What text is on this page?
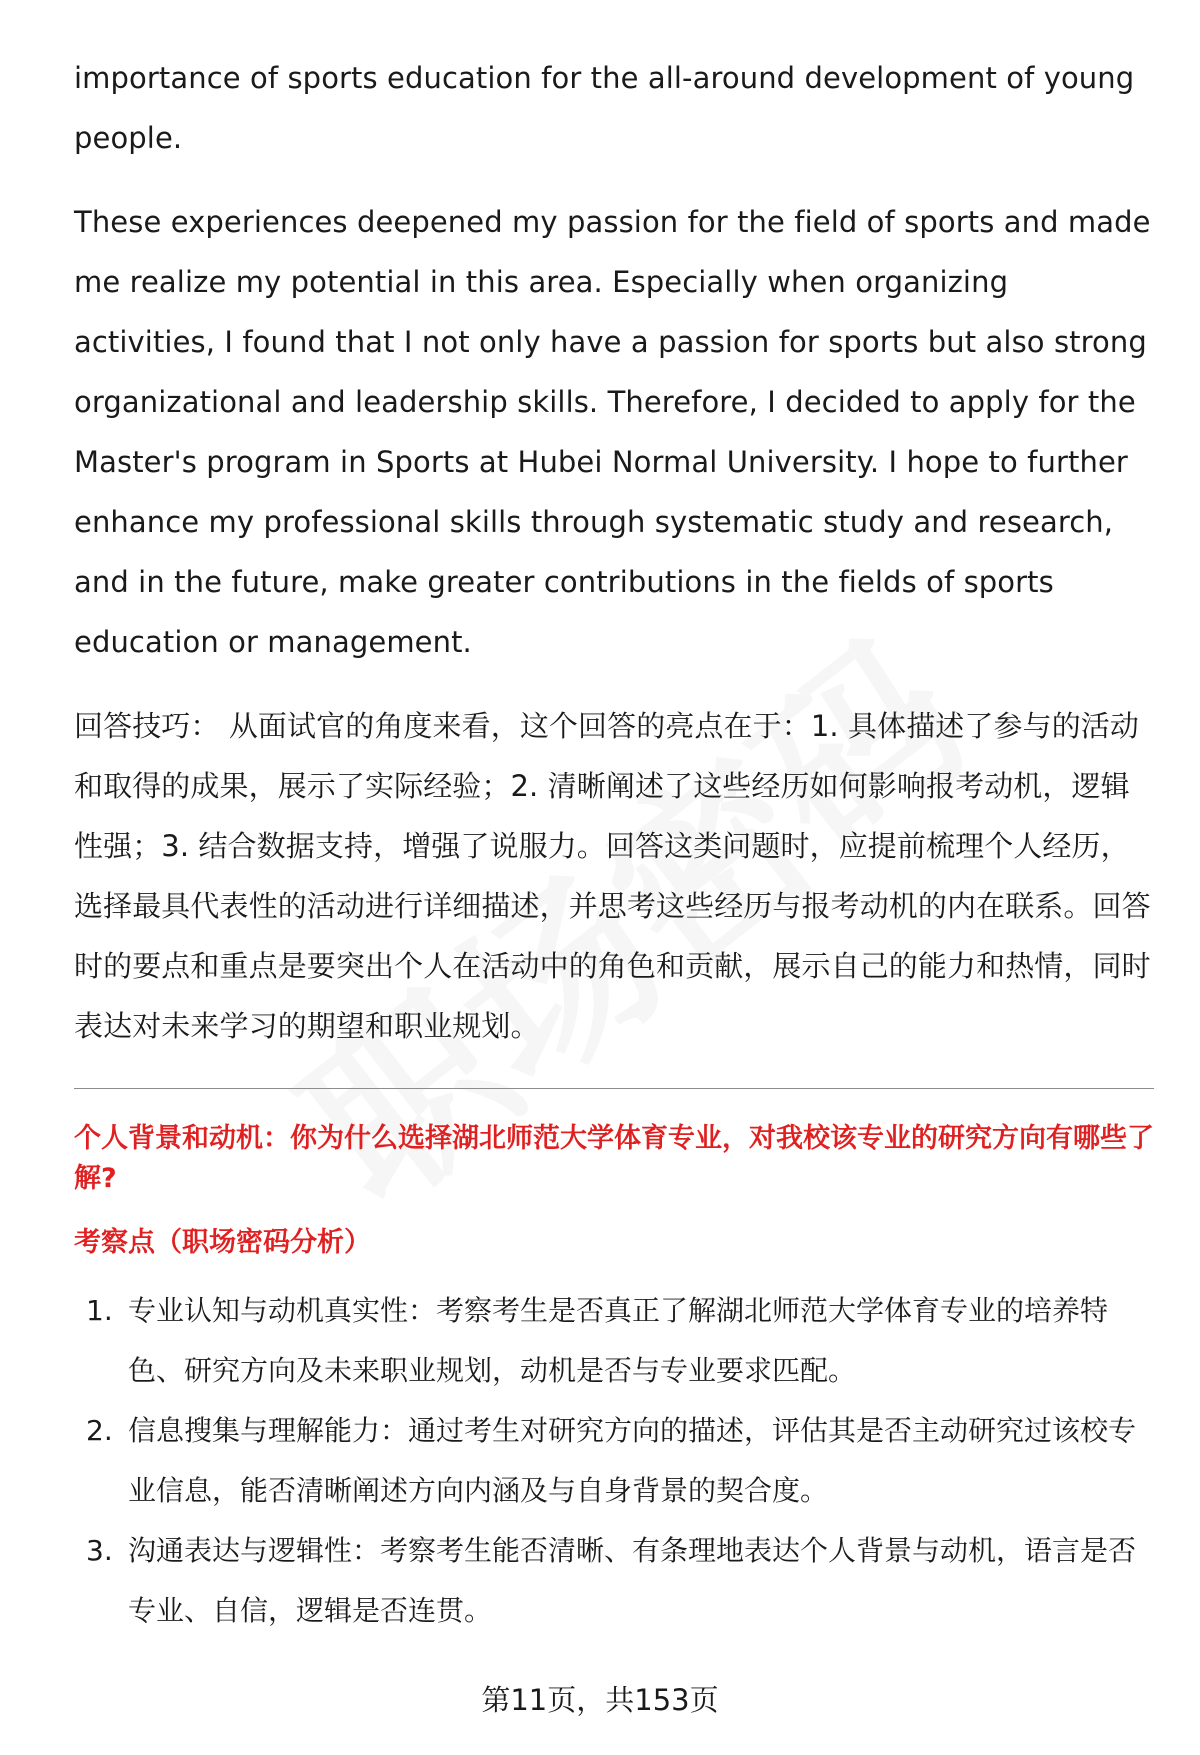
importance of sports education for the all-around development of young people.

These experiences deepened my passion for the field of sports and made me realize my potential in this area. Especially when organizing activities, I found that I not only have a passion for sports but also strong organizational and leadership skills. Therefore, I decided to apply for the Master's program in Sports at Hubei Normal University. I hope to further enhance my professional skills through systematic study and research, and in the future, make greater contributions in the fields of sports education or management.

回答技巧： 从面试官的角度来看，这个回答的亮点在于：1. 具体描述了参与的活动和取得的成果，展示了实际经验；2. 清晰阐述了这些经历如何影响报考动机，逻辑性强；3. 结合数据支持，增强了说服力。回答这类问题时，应提前梳理个人经历，选择最具代表性的活动进行详细描述，并思考这些经历与报考动机的内在联系。回答时的要点和重点是要突出个人在活动中的角色和贡献，展示自己的能力和热情，同时表达对未来学习的期望和职业规划。

个人背景和动机：你为什么选择湖北师范大学体育专业，对我校该专业的研究方向有哪些了解?
考察点（职场密码分析）
1. 专业认知与动机真实性：考察考生是否真正了解湖北师范大学体育专业的培养特色、研究方向及未来职业规划，动机是否与专业要求匹配。
2. 信息搜集与理解能力：通过考生对研究方向的描述，评估其是否主动研究过该校专业信息，能否清晰阐述方向内涵及与自身背景的契合度。
3. 沟通表达与逻辑性：考察考生能否清晰、有条理地表达个人背景与动机，语言是否专业、自信，逻辑是否连贯。
第11页，共153页
